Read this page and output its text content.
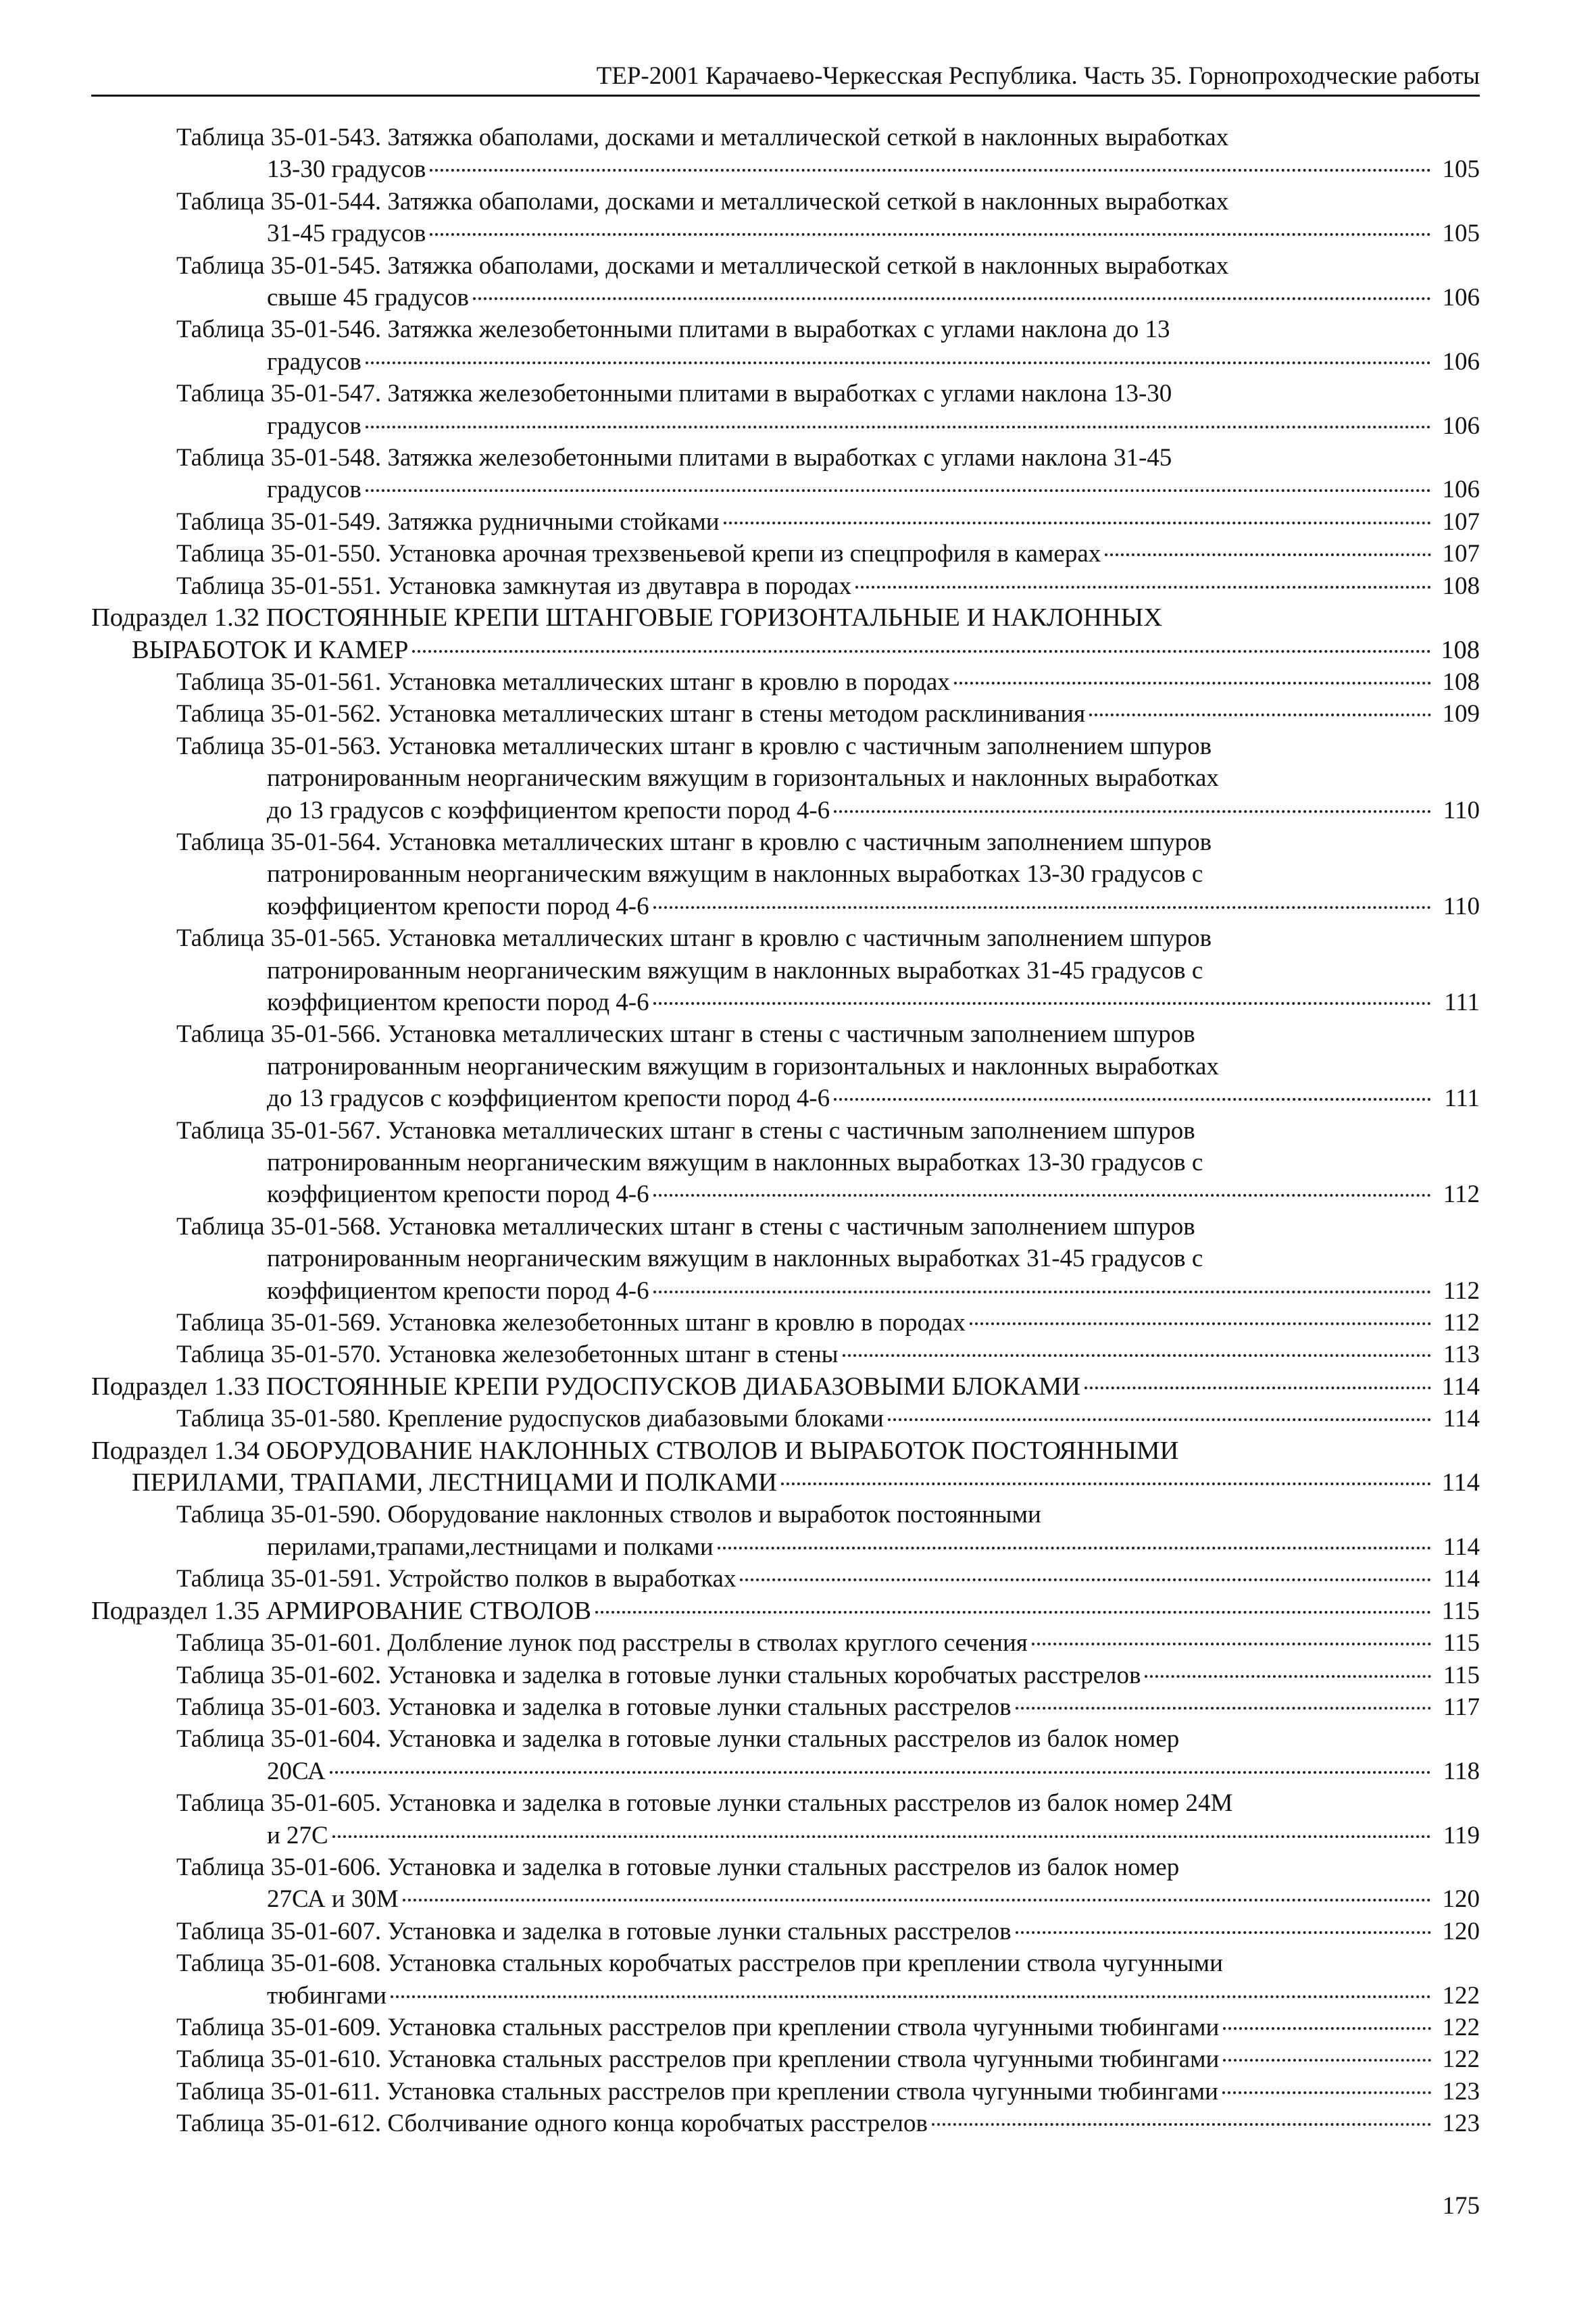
ТЕР-2001 Карачаево-Черкесская Республика. Часть 35. Горнопроходческие работы
Таблица 35-01-543. Затяжка обаполами, досками и металлической сеткой в наклонных выработках
13-30 градусов	105
Таблица 35-01-544. Затяжка обаполами, досками и металлической сеткой в наклонных выработках
31-45 градусов	105
Таблица 35-01-545. Затяжка обаполами, досками и металлической сеткой в наклонных выработках
свыше 45 градусов	106
Таблица 35-01-546. Затяжка железобетонными плитами в выработках с углами наклона до 13
градусов	106
Таблица 35-01-547. Затяжка железобетонными плитами в выработках с углами наклона 13-30
градусов	106
Таблица 35-01-548. Затяжка железобетонными плитами в выработках с углами наклона 31-45
градусов	106
Таблица 35-01-549. Затяжка рудничными стойками	107
Таблица 35-01-550. Установка арочная трехзвеньевой крепи из спецпрофиля в камерах	107
Таблица 35-01-551. Установка замкнутая из двутавра в породах	108
Подраздел 1.32 ПОСТОЯННЫЕ КРЕПИ ШТАНГОВЫЕ ГОРИЗОНТАЛЬНЫЕ И НАКЛОННЫХ
ВЫРАБОТОК И КАМЕР	108
Таблица 35-01-561. Установка металлических штанг в кровлю в породах	108
Таблица 35-01-562. Установка металлических штанг в стены методом расклинивания	109
Таблица 35-01-563. Установка металлических штанг в кровлю с частичным заполнением шпуров
патронированным неорганическим вяжущим в горизонтальных и наклонных выработках
до 13 градусов с коэффициентом крепости пород 4-6	110
Таблица 35-01-564. Установка металлических штанг в кровлю с частичным заполнением шпуров
патронированным неорганическим вяжущим в наклонных выработках 13-30 градусов с
коэффициентом крепости пород 4-6	110
Таблица 35-01-565. Установка металлических штанг в кровлю с частичным заполнением шпуров
патронированным неорганическим вяжущим в наклонных выработках 31-45 градусов с
коэффициентом крепости пород 4-6	111
Таблица 35-01-566. Установка металлических штанг в стены с частичным заполнением шпуров
патронированным неорганическим вяжущим в горизонтальных и наклонных выработках
до 13 градусов с коэффициентом крепости пород 4-6	111
Таблица 35-01-567. Установка металлических штанг в стены с частичным заполнением шпуров
патронированным неорганическим вяжущим в наклонных выработках 13-30 градусов с
коэффициентом крепости пород 4-6	112
Таблица 35-01-568. Установка металлических штанг в стены с частичным заполнением шпуров
патронированным неорганическим вяжущим в наклонных выработках 31-45 градусов с
коэффициентом крепости пород 4-6	112
Таблица 35-01-569. Установка железобетонных штанг в кровлю в породах	112
Таблица 35-01-570. Установка железобетонных штанг в стены	113
Подраздел 1.33 ПОСТОЯННЫЕ КРЕПИ РУДОСПУСКОВ ДИАБАЗОВЫМИ БЛОКАМИ	114
Таблица 35-01-580. Крепление рудоспусков диабазовыми блоками	114
Подраздел 1.34 ОБОРУДОВАНИЕ НАКЛОННЫХ СТВОЛОВ И ВЫРАБОТОК ПОСТОЯННЫМИ
ПЕРИЛАМИ, ТРАПАМИ, ЛЕСТНИЦАМИ И ПОЛКАМИ	114
Таблица 35-01-590. Оборудование наклонных стволов и выработок постоянными
перилами,трапами,лестницами и полками	114
Таблица 35-01-591. Устройство полков в выработках	114
Подраздел 1.35 АРМИРОВАНИЕ СТВОЛОВ	115
Таблица 35-01-601. Долбление лунок под расстрелы в стволах круглого сечения	115
Таблица 35-01-602. Установка и заделка в готовые лунки стальных коробчатых расстрелов	115
Таблица 35-01-603. Установка и заделка в готовые лунки стальных расстрелов	117
Таблица 35-01-604. Установка и заделка в готовые лунки стальных расстрелов из балок номер
20СА	118
Таблица 35-01-605. Установка и заделка в готовые лунки стальных расстрелов из балок номер 24М
и 27С	119
Таблица 35-01-606. Установка и заделка в готовые лунки стальных расстрелов из балок номер
27СА и 30М	120
Таблица 35-01-607. Установка и заделка в готовые лунки стальных расстрелов	120
Таблица 35-01-608. Установка стальных коробчатых расстрелов при креплении ствола чугунными
тюбингами	122
Таблица 35-01-609. Установка стальных расстрелов при креплении ствола чугунными тюбингами	122
Таблица 35-01-610. Установка стальных расстрелов при креплении ствола чугунными тюбингами	122
Таблица 35-01-611. Установка стальных расстрелов при креплении ствола чугунными тюбингами	123
Таблица 35-01-612. Сболчивание одного конца коробчатых расстрелов	123
175
